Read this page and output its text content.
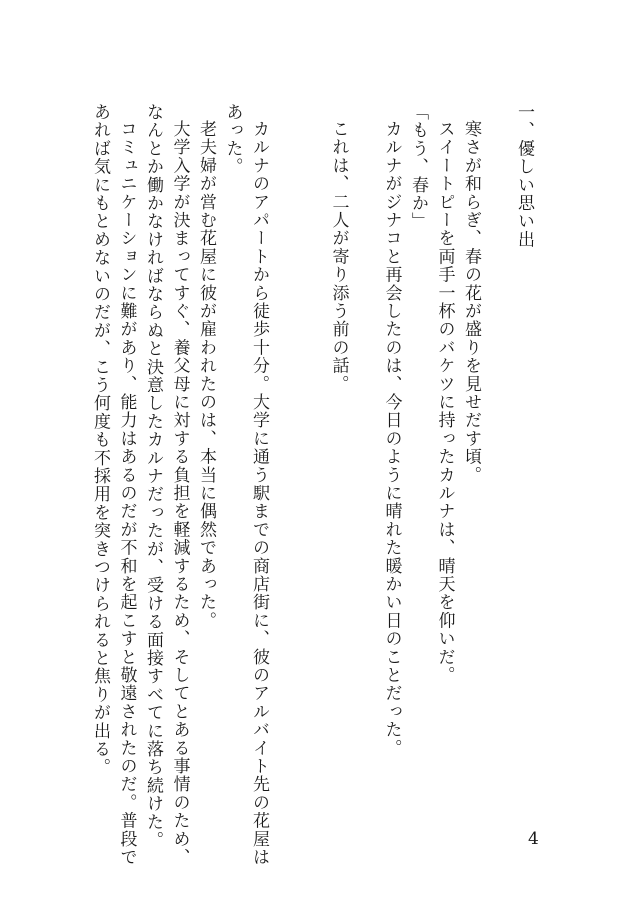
一、優しい思い出

寒さが和らぎ、春の花が盛りを見せだす頃。

スイートピーを両手一杯のバケツに持ったカルナは、晴天を仰いだ。

「もう、春か」

カルナがジナコと再会したのは、今日のように晴れた暖かい日のことだった。

これは、二人が寄り添う前の話。

カルナのアパートから徒歩十分。大学に通う駅までの商店街に、彼のアルバイト先の花屋は

あった。

老夫婦が営む花屋に彼が雇われたのは、本当に偶然であった。

大学入学が決まってすぐ、養父母に対する負担を軽減するため、そしてとある事情のため、

なんとか働かなければならぬと決意したカルナだったが、受ける面接すべてに落ち続けた。

コミュニケーションに難があり、能力はあるのだが不和を起こすと敬遠されたのだ。普段で

あれば気にもとめないのだが、こう何度も不採用を突きつけられると焦りが出る。

4
